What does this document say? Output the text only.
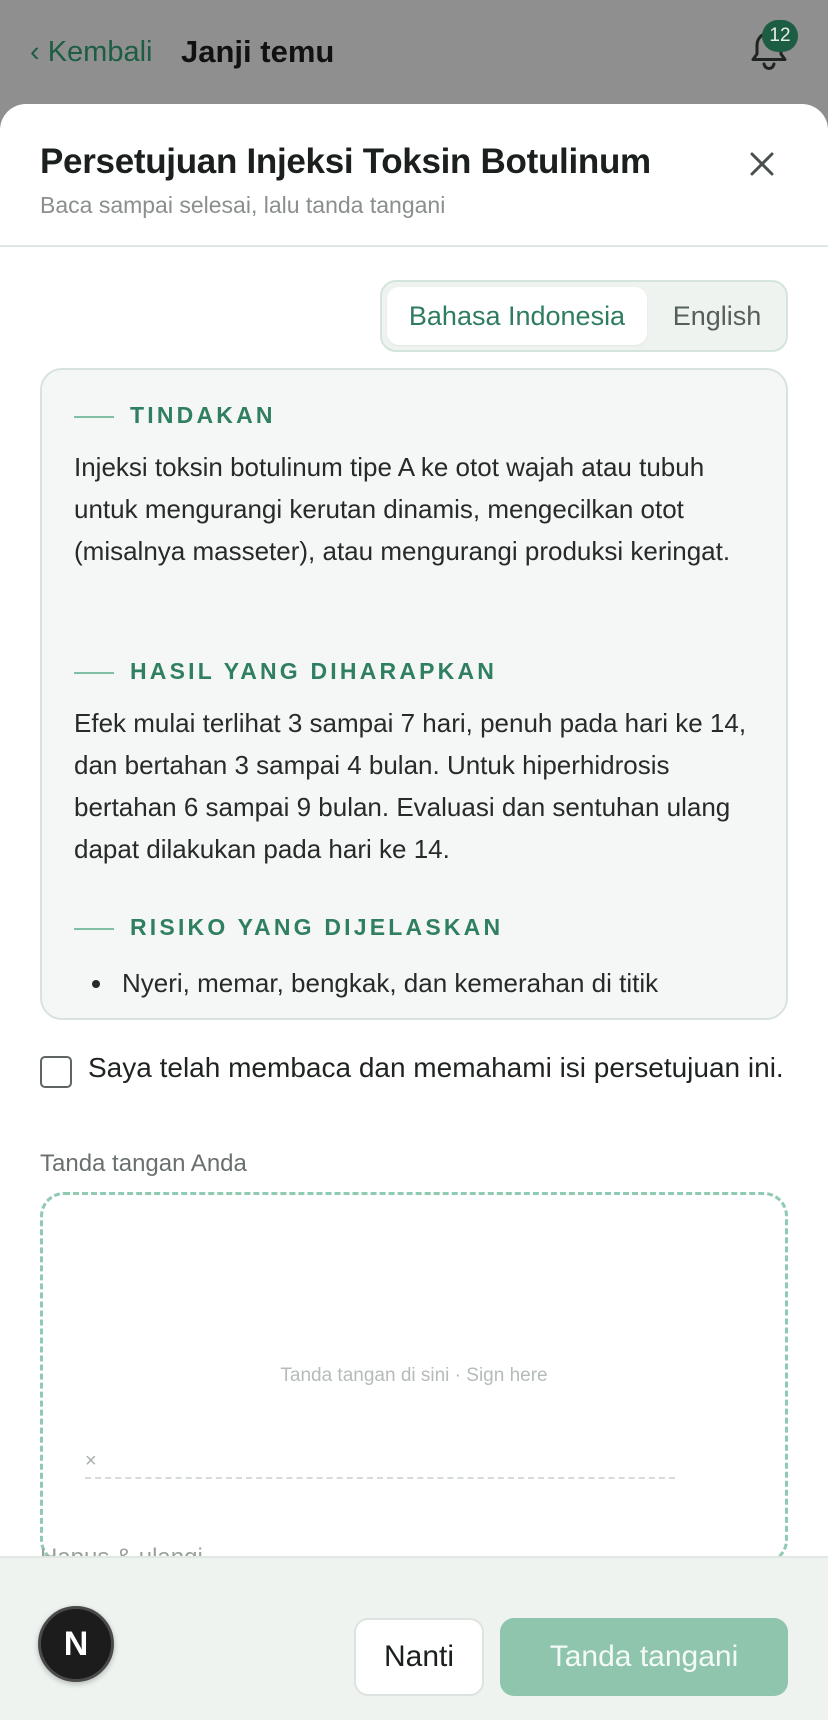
‹ Kembali Janji temu	12
Persetujuan Injeksi Toksin Botulinum
Baca sampai selesai, lalu tanda tangani
Bahasa Indonesia	English
TINDAKAN

Injeksi toksin botulinum tipe A ke otot wajah atau tubuh untuk mengurangi kerutan dinamis, mengecilkan otot (misalnya masseter), atau mengurangi produksi keringat.

HASIL YANG DIHARAPKAN

Efek mulai terlihat 3 sampai 7 hari, penuh pada hari ke 14, dan bertahan 3 sampai 4 bulan. Untuk hiperhidrosis bertahan 6 sampai 9 bulan. Evaluasi dan sentuhan ulang dapat dilakukan pada hari ke 14.

RISIKO YANG DIJELASKAN
Nyeri, memar, bengkak, dan kemerahan di titik
Saya telah membaca dan memahami isi persetujuan ini.
Tanda tangan Anda
Tanda tangan di sini · Sign here
×
N	Nanti	Tanda tangani
